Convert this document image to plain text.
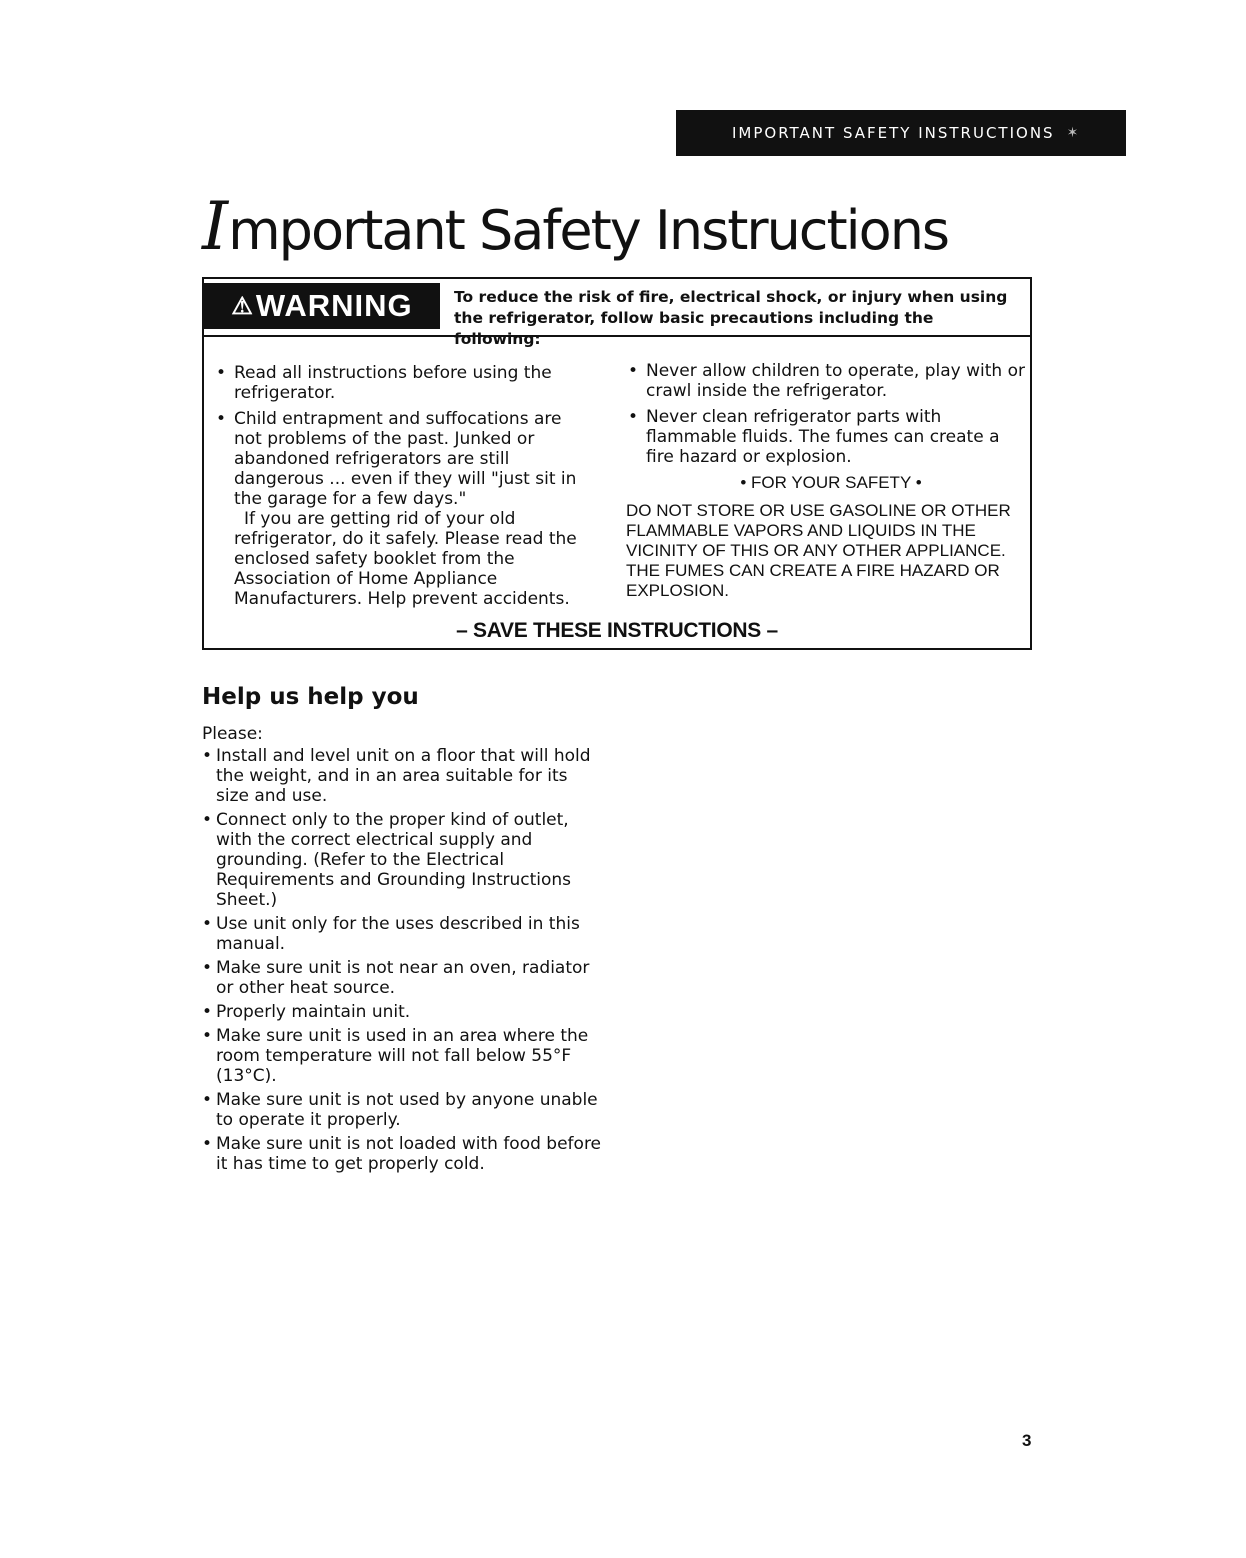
IMPORTANT SAFETY INSTRUCTIONS ✶
Important Safety Instructions
⚠ WARNING	To reduce the risk of fire, electrical shock, or injury when using the refrigerator, follow basic precautions including the following:
• Read all instructions before using the refrigerator.
• Child entrapment and suffocations are not problems of the past. Junked or abandoned refrigerators are still dangerous ... even if they will "just sit in the garage for a few days."
If you are getting rid of your old
refrigerator, do it safely. Please read the enclosed safety booklet from the Association of Home Appliance Manufacturers. Help prevent accidents.
• Never allow children to operate, play with or crawl inside the refrigerator.
• Never clean refrigerator parts with flammable fluids. The fumes can create a fire hazard or explosion.
• FOR YOUR SAFETY •
DO NOT STORE OR USE GASOLINE OR OTHER FLAMMABLE VAPORS AND LIQUIDS IN THE VICINITY OF THIS OR ANY OTHER APPLIANCE. THE FUMES CAN CREATE A FIRE HAZARD OR EXPLOSION.
– SAVE THESE INSTRUCTIONS –
Help us help you
Please:
• Install and level unit on a floor that will hold the weight, and in an area suitable for its size and use.
• Connect only to the proper kind of outlet, with the correct electrical supply and grounding. (Refer to the Electrical Requirements and Grounding Instructions Sheet.)
• Use unit only for the uses described in this manual.
• Make sure unit is not near an oven, radiator or other heat source.
• Properly maintain unit.
• Make sure unit is used in an area where the room temperature will not fall below 55°F (13°C).
• Make sure unit is not used by anyone unable to operate it properly.
• Make sure unit is not loaded with food before it has time to get properly cold.
3
